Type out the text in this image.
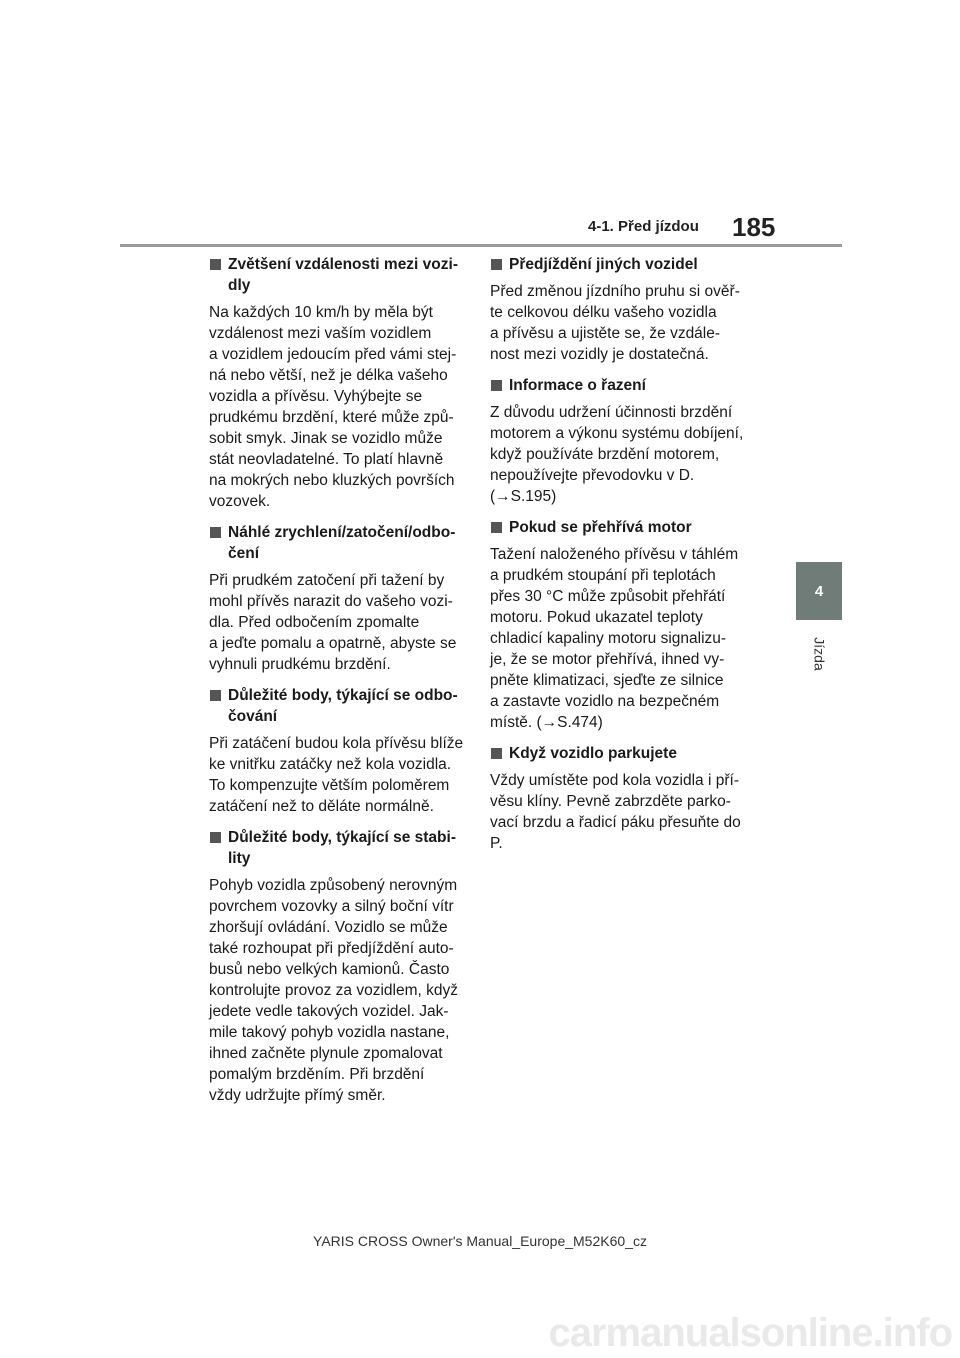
4-1. Před jízdou 185
4
Jízda
Zvětšení vzdálenosti mezi vozi-
dly

Na každých 10 km/h by měla být
vzdálenost mezi vaším vozidlem
a vozidlem jedoucím před vámi stej-
ná nebo větší, než je délka vašeho
vozidla a přívěsu. Vyhýbejte se
prudkému brzdění, které může způ-
sobit smyk. Jinak se vozidlo může
stát neovladatelné. To platí hlavně
na mokrých nebo kluzkých površích
vozovek.

Náhlé zrychlení/zatočení/odbo-
čení

Při prudkém zatočení při tažení by
mohl přívěs narazit do vašeho vozi-
dla. Před odbočením zpomalte
a jeďte pomalu a opatrně, abyste se
vyhnuli prudkému brzdění.

Důležité body, týkající se odbo-
čování

Při zatáčení budou kola přívěsu blíže
ke vnitřku zatáčky než kola vozidla.
To kompenzujte větším poloměrem
zatáčení než to děláte normálně.

Důležité body, týkající se stabi-
lity

Pohyb vozidla způsobený nerovným
povrchem vozovky a silný boční vítr
zhoršují ovládání. Vozidlo se může
také rozhoupat při předjíždění auto-
busů nebo velkých kamionů. Často
kontrolujte provoz za vozidlem, když
jedete vedle takových vozidel. Jak-
mile takový pohyb vozidla nastane,
ihned začněte plynule zpomalovat
pomalým brzděním. Při brzdění
vždy udržujte přímý směr.

Předjíždění jiných vozidel

Před změnou jízdního pruhu si ověř-
te celkovou délku vašeho vozidla
a přívěsu a ujistěte se, že vzdále-
nost mezi vozidly je dostatečná.

Informace o řazení

Z důvodu udržení účinnosti brzdění
motorem a výkonu systému dobíjení,
když používáte brzdění motorem,
nepoužívejte převodovku v D.
(→S.195)

Pokud se přehřívá motor

Tažení naloženého přívěsu v táhlém
a prudkém stoupání při teplotách
přes 30 °C může způsobit přehřátí
motoru. Pokud ukazatel teploty
chladicí kapaliny motoru signalizu-
je, že se motor přehřívá, ihned vy-
pněte klimatizaci, sjeďte ze silnice
a zastavte vozidlo na bezpečném
místě. (→S.474)

Když vozidlo parkujete

Vždy umístěte pod kola vozidla i pří-
věsu klíny. Pevně zabrzděte parko-
vací brzdu a řadicí páku přesuňte do
P.

YARIS CROSS Owner's Manual_Europe_M52K60_cz
carmanualsonline.info
